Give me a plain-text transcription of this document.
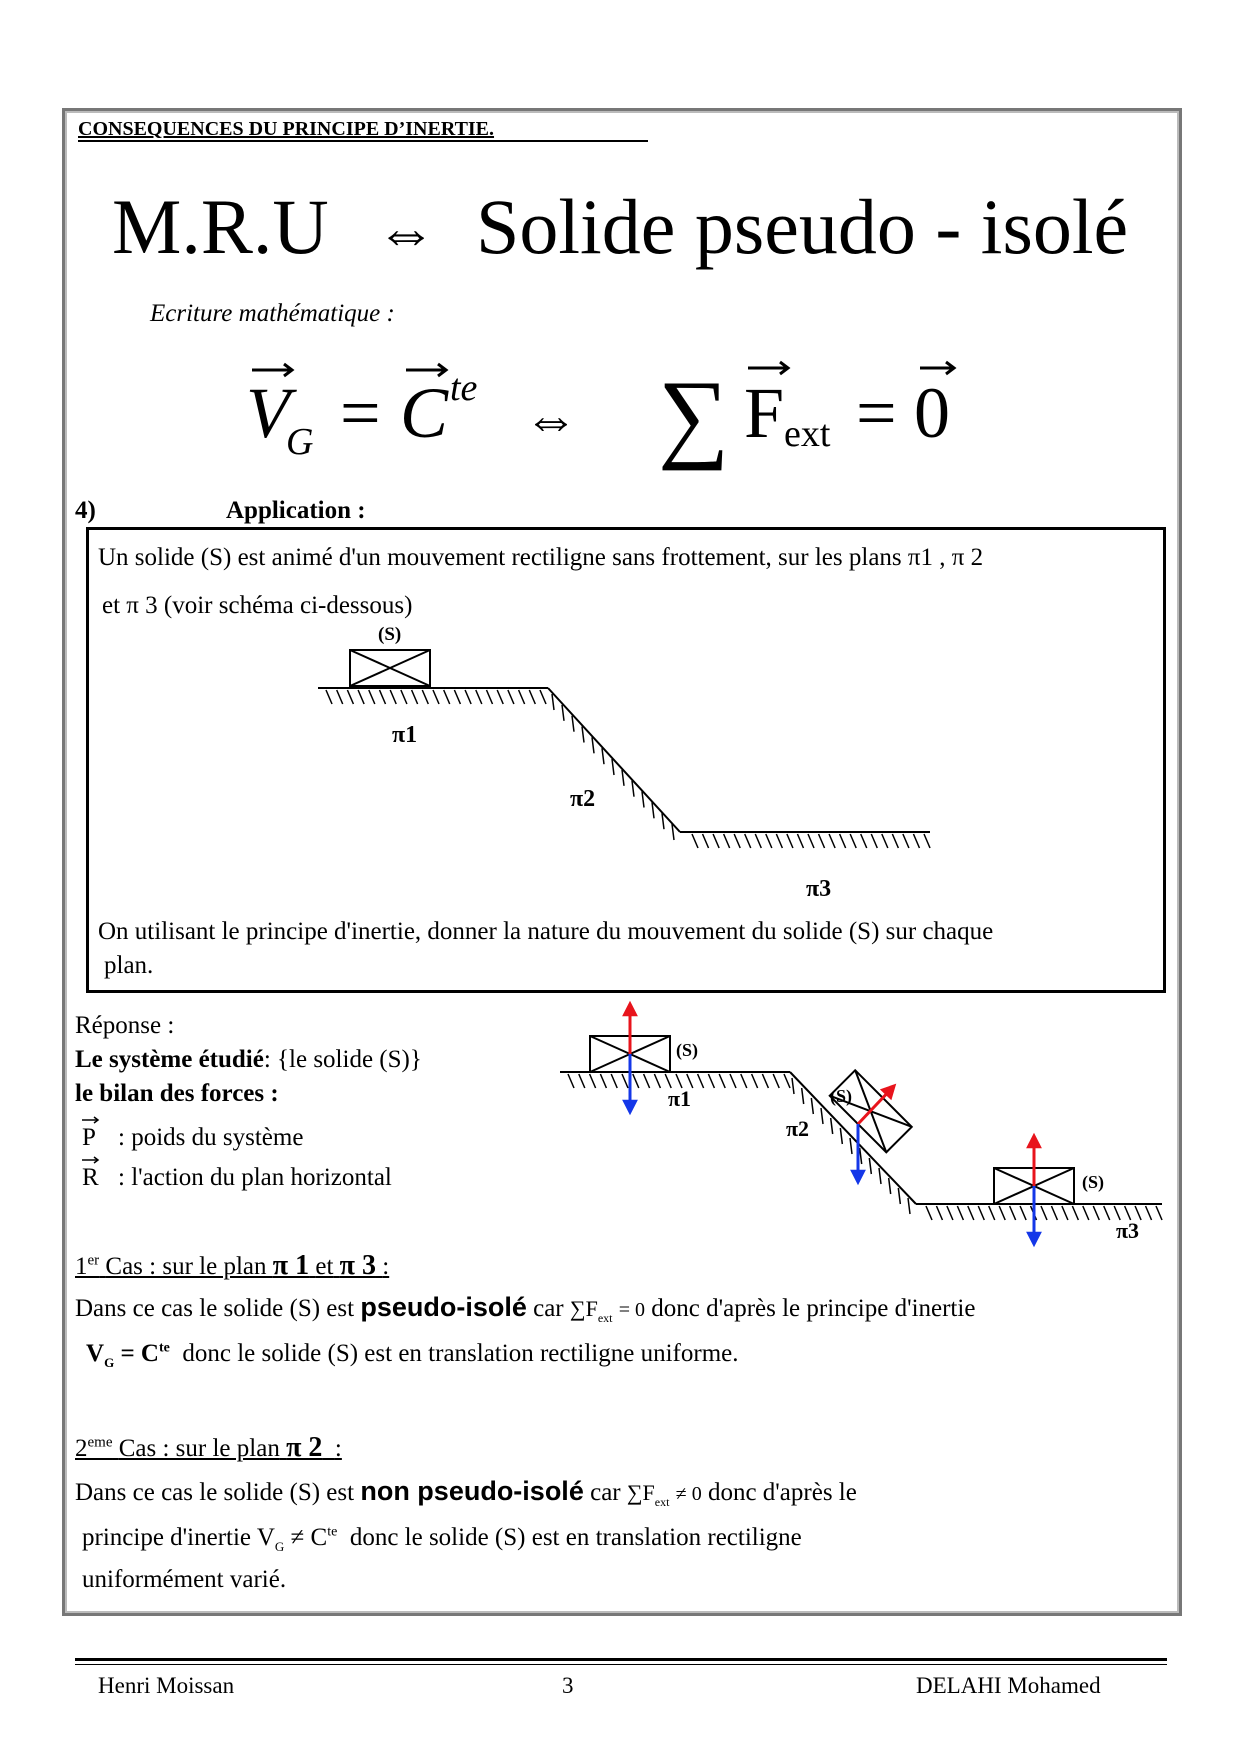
CONSEQUENCES DU PRINCIPE D’INERTIE.
M.R.U ⇔ Solide pseudo - isolé
Ecriture mathématique :
V
G = C te
⇔ ∑ F ext = 0
4)	Application :
Un solide (S) est animé d'un mouvement rectiligne sans frottement, sur les plans π1 , π 2
et π 3 (voir schéma ci-dessous)
(S)
π1
π2
π3
On utilisant le principe d'inertie, donner la nature du mouvement du solide (S) sur chaque
plan.
Réponse :
Le système étudié: {le solide (S)}
le bilan des forces :
P : poids du système
R : l'action du plan horizontal
(S)
(S)
(S)
π1
π2
π3
1er Cas : sur le plan π 1 et π 3 :
Dans ce cas le solide (S) est pseudo-isolé car $\sum F_{ext} = 0$ donc d'après le principe d'inertie
$V_G = C^{te}$ donc le solide (S) est en translation rectiligne uniforme.
2eme Cas : sur le plan π 2 :
Dans ce cas le solide (S) est non pseudo-isolé car $\sum F_{ext} \ne 0$ donc d'après le
principe d'inertie $V_G \ne C^{te}$ donc le solide (S) est en translation rectiligne
uniformément varié.
Henri Moissan	3	DELAHI Mohamed
